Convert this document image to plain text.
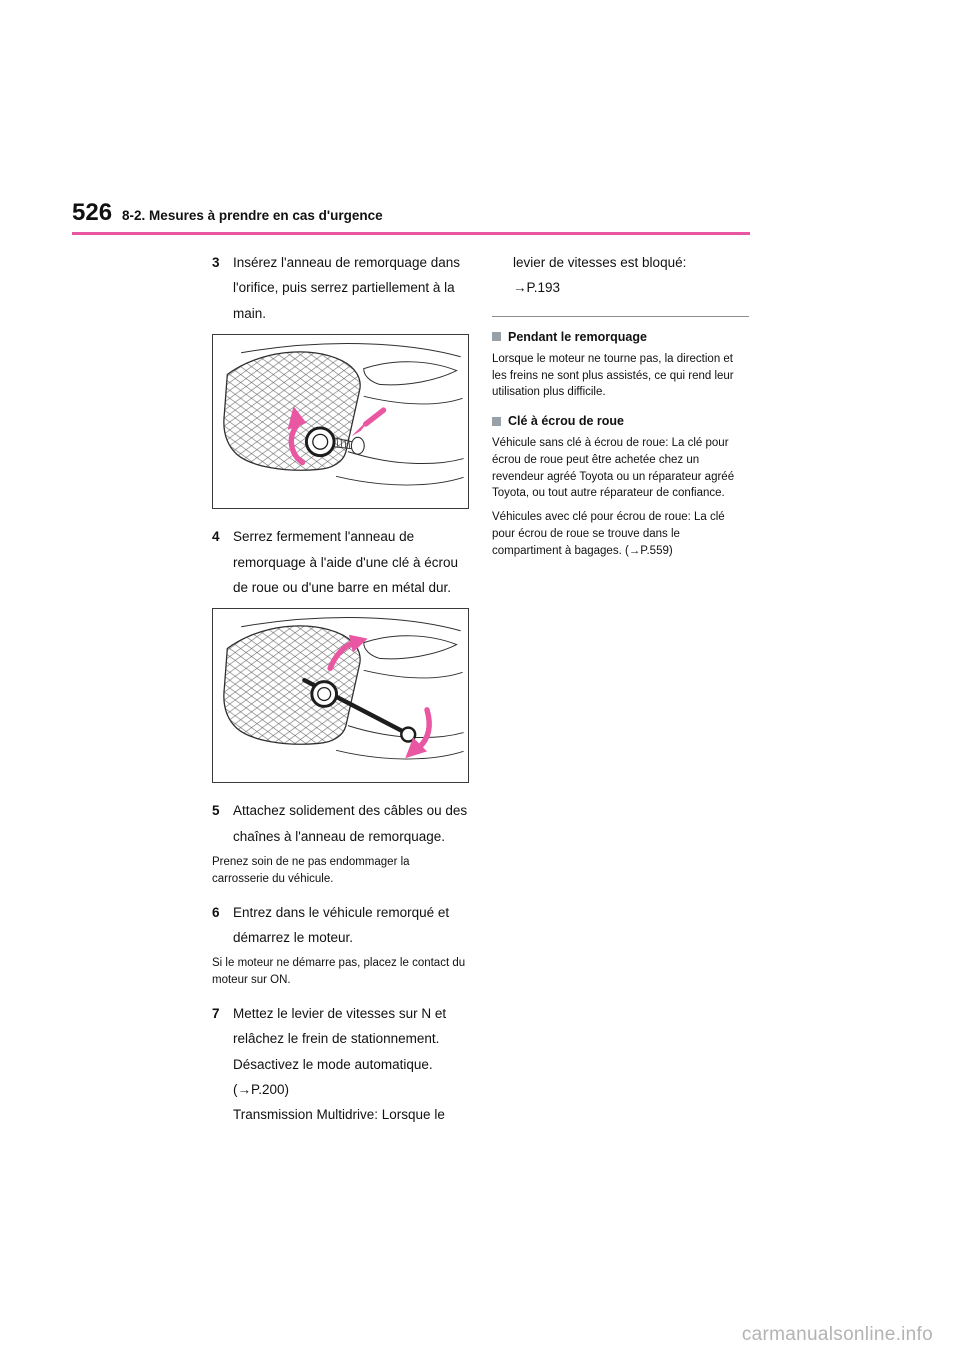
526 8-2. Mesures à prendre en cas d'urgence
3 Insérez l'anneau de remorquage dans l'orifice, puis serrez partiellement à la main.

4 Serrez fermement l'anneau de remorquage à l'aide d'une clé à écrou de roue ou d'une barre en métal dur.

5 Attachez solidement des câbles ou des chaînes à l'anneau de remorquage.

Prenez soin de ne pas endommager la carrosserie du véhicule.

6 Entrez dans le véhicule remorqué et démarrez le moteur.

Si le moteur ne démarre pas, placez le contact du moteur sur ON.

7 Mettez le levier de vitesses sur N et relâchez le frein de stationnement.

Désactivez le mode automatique.

(→P.200)

Transmission Multidrive: Lorsque le

levier de vitesses est bloqué:

→P.193

Pendant le remorquage

Lorsque le moteur ne tourne pas, la direction et les freins ne sont plus assistés, ce qui rend leur utilisation plus difficile.

Clé à écrou de roue

Véhicule sans clé à écrou de roue: La clé pour écrou de roue peut être achetée chez un revendeur agréé Toyota ou un réparateur agréé Toyota, ou tout autre réparateur de confiance.

Véhicules avec clé pour écrou de roue: La clé pour écrou de roue se trouve dans le compartiment à bagages. (→P.559)

carmanualsonline.info
